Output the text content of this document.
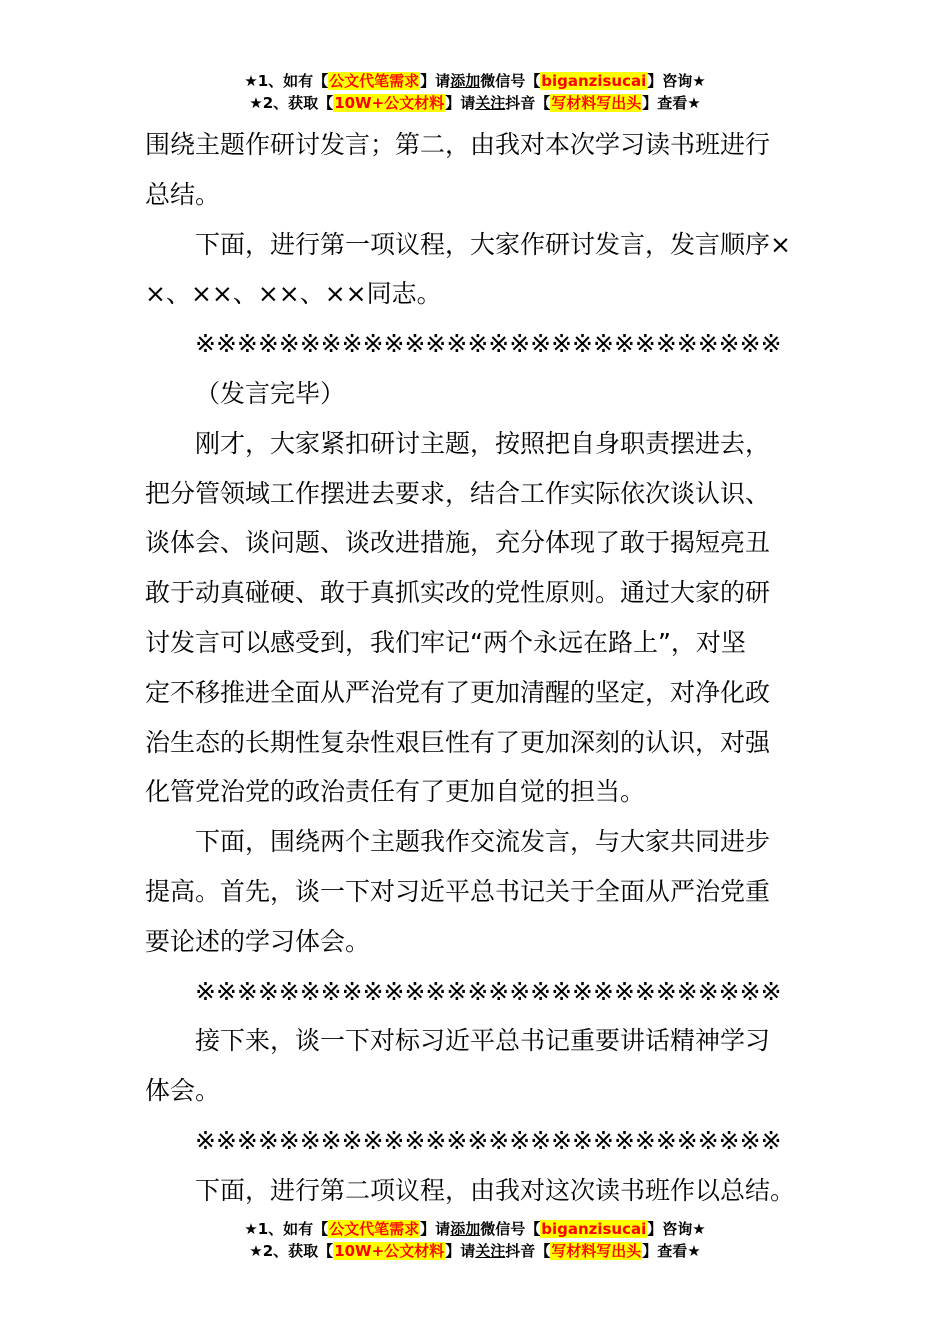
★1、如有【公文代笔需求】请添加微信号【biganzisucai】咨询★
★2、获取【10W+公文材料】请关注抖音【写材料写出头】查看★
围绕主题作研讨发言；第二，由我对本次学习读书班进行
总结。
下面，进行第一项议程，大家作研讨发言，发言顺序×
×、××、××、××同志。
※※※※※※※※※※※※※※※※※※※※※※※※※※※※
（发言完毕）
刚才，大家紧扣研讨主题，按照把自身职责摆进去，
把分管领域工作摆进去要求，结合工作实际依次谈认识、
谈体会、谈问题、谈改进措施，充分体现了敢于揭短亮丑
敢于动真碰硬、敢于真抓实改的党性原则。通过大家的研
讨发言可以感受到，我们牢记“两个永远在路上”，对坚
定不移推进全面从严治党有了更加清醒的坚定，对净化政
治生态的长期性复杂性艰巨性有了更加深刻的认识，对强
化管党治党的政治责任有了更加自觉的担当。
下面，围绕两个主题我作交流发言，与大家共同进步
提高。首先，谈一下对习近平总书记关于全面从严治党重
要论述的学习体会。
※※※※※※※※※※※※※※※※※※※※※※※※※※※※
接下来，谈一下对标习近平总书记重要讲话精神学习
体会。
※※※※※※※※※※※※※※※※※※※※※※※※※※※※
下面，进行第二项议程，由我对这次读书班作以总结。
★1、如有【公文代笔需求】请添加微信号【biganzisucai】咨询★
★2、获取【10W+公文材料】请关注抖音【写材料写出头】查看★
